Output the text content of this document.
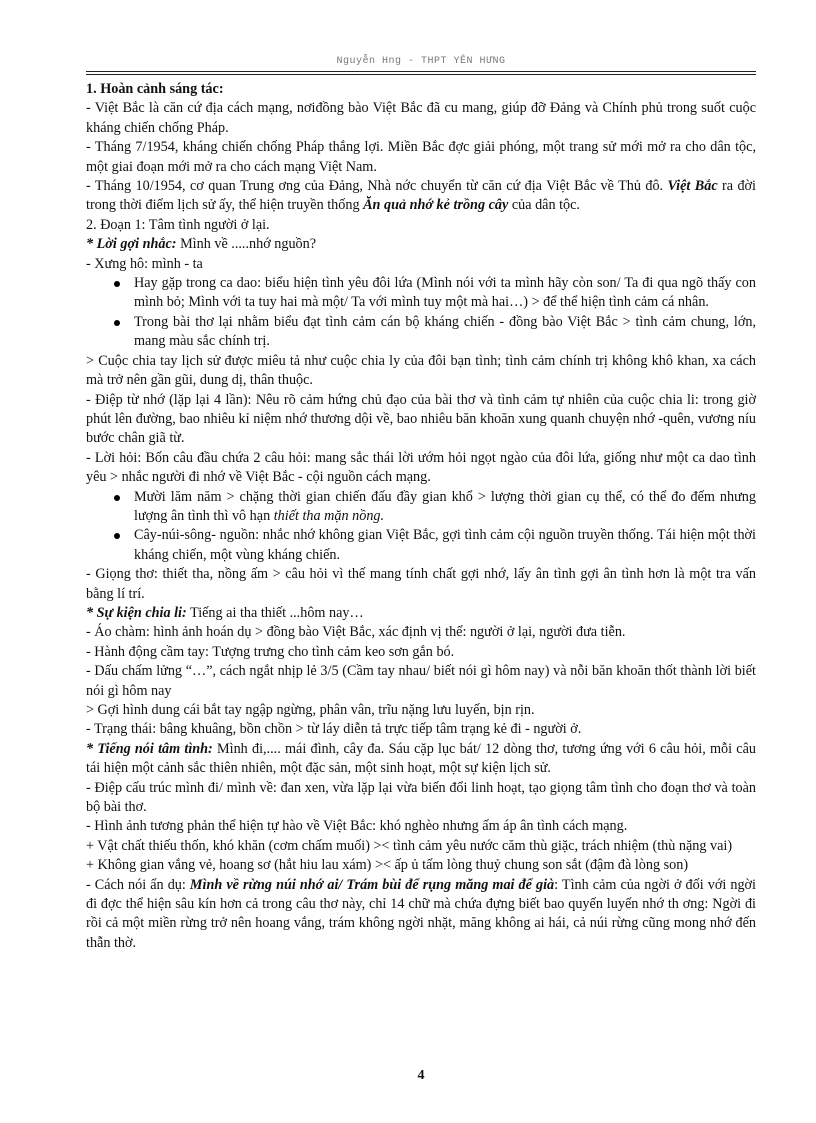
Nguyễn Hng - THPT YÊN HƯNG

1. Hoàn cảnh sáng tác:

- Việt Bắc là căn cứ địa cách mạng, nơiđồng bào Việt Bắc đã cu mang, giúp đỡ Đảng và Chính phủ trong suốt cuộc kháng chiến chống Pháp.

- Tháng 7/1954, kháng chiến chống Pháp thắng lợi. Miền Bắc đợc giải phóng, một trang sử mới mở ra cho dân tộc, một giai đoạn mới mở ra cho cách mạng Việt Nam.

- Tháng 10/1954, cơ quan Trung ơng của Đảng, Nhà nớc chuyển từ căn cứ địa Việt Bắc về Thủ đô. Việt Bắc ra đời trong thời điểm lịch sử ấy, thể hiện truyền thống Ăn quả nhớ kẻ trồng cây của dân tộc.

2. Đoạn 1: Tâm tình người ở lại.

* Lời gợi nhắc: Mình về .....nhớ nguồn?

- Xưng hô: mình - ta

Hay gặp trong ca dao: biểu hiện tình yêu đôi lứa (Mình nói với ta mình hãy còn son/ Ta đi qua ngõ thấy con mình bỏ; Mình với ta tuy hai mà một/ Ta với mình tuy một mà hai…) > để thể hiện tình cảm cá nhân.
Trong bài thơ lại nhằm biểu đạt tình cảm cán bộ kháng chiến - đồng bào Việt Bắc > tình cảm chung, lớn, mang màu sắc chính trị.

> Cuộc chia tay lịch sử được miêu tả như cuộc chia ly của đôi bạn tình; tình cảm chính trị không khô khan, xa cách mà trở nên gần gũi, dung dị, thân thuộc.

- Điệp từ nhớ (lặp lại 4 lần): Nêu rõ cảm hứng chủ đạo của bài thơ và tình cảm tự nhiên của cuộc chia li: trong giờ phút lên đường, bao nhiêu kỉ niệm nhớ thương dội về, bao nhiêu băn khoăn xung quanh chuyện nhớ -quên, vương níu bước chân giã từ.

- Lời hỏi: Bốn câu đầu chứa 2 câu hỏi: mang sắc thái lời ướm hỏi ngọt ngào của đôi lứa, giống như một ca dao tình yêu > nhắc người đi nhớ về Việt Bắc - cội nguồn cách mạng.

Mười lăm năm > chặng thời gian chiến đấu đầy gian khổ > lượng thời gian cụ thể, có thể đo đếm nhưng lượng ân tình thì vô hạn thiết tha mặn nồng.
Cây-núi-sông- nguồn: nhắc nhớ không gian Việt Bắc, gợi tình cảm cội nguồn truyền thống. Tái hiện một thời kháng chiến, một vùng kháng chiến.

- Giọng thơ: thiết tha, nồng ấm > câu hỏi vì thế mang tính chất gợi nhớ, lấy ân tình gợi ân tình hơn là một tra vấn bằng lí trí.

* Sự kiện chia li: Tiếng ai tha thiết ...hôm nay…

- Áo chàm: hình ảnh hoán dụ > đồng bào Việt Bắc, xác định vị thế: người ở lại, người đưa tiễn.

- Hành động cầm tay: Tượng trưng cho tình cảm keo sơn gắn bó.

- Dấu chấm lửng “…”, cách ngắt nhịp lẻ 3/5 (Cầm tay nhau/ biết nói gì hôm nay) và nỗi băn khoăn thốt thành lời biết nói gì hôm nay

> Gợi hình dung cái bắt tay ngập ngừng, phân vân, trĩu nặng lưu luyến, bịn rịn.

- Trạng thái: bâng khuâng, bồn chồn > từ láy diễn tả trực tiếp tâm trạng kẻ đi - người ở.

* Tiếng nói tâm tình: Mình đi,.... mái đình, cây đa. Sáu cặp lục bát/ 12 dòng thơ, tương ứng với 6 câu hỏi, mỗi câu tái hiện một cảnh sắc thiên nhiên, một đặc sản, một sinh hoạt, một sự kiện lịch sử.

- Điệp cấu trúc mình đi/ mình về: đan xen, vừa lặp lại vừa biến đổi linh hoạt, tạo giọng tâm tình cho đoạn thơ và toàn bộ bài thơ.

- Hình ảnh tương phản thể hiện tự hào về Việt Bắc: khó nghèo nhưng ấm áp ân tình cách mạng.

+ Vật chất thiếu thốn, khó khăn (cơm chấm muối) >< tình cảm yêu nước căm thù giặc, trách nhiệm (thù nặng vai)

+ Không gian vắng vẻ, hoang sơ (hắt hiu lau xám) >< ấp ủ tấm lòng thuỷ chung son sắt (đậm đà lòng son)

- Cách nói ẩn dụ: Mình về rừng núi nhớ ai/ Trám bùi để rụng măng mai để già: Tình cảm của ngời ở đối với ngời đi đợc thể hiện sâu kín hơn cả trong câu thơ này, chỉ 14 chữ mà chứa đựng biết bao quyến luyến nhớ th ơng: Ngời đi rồi cả một miền rừng trở nên hoang vắng, trám không ngời nhặt, măng không ai hái, cả núi rừng cũng mong nhớ đến thẫn thờ.

4
